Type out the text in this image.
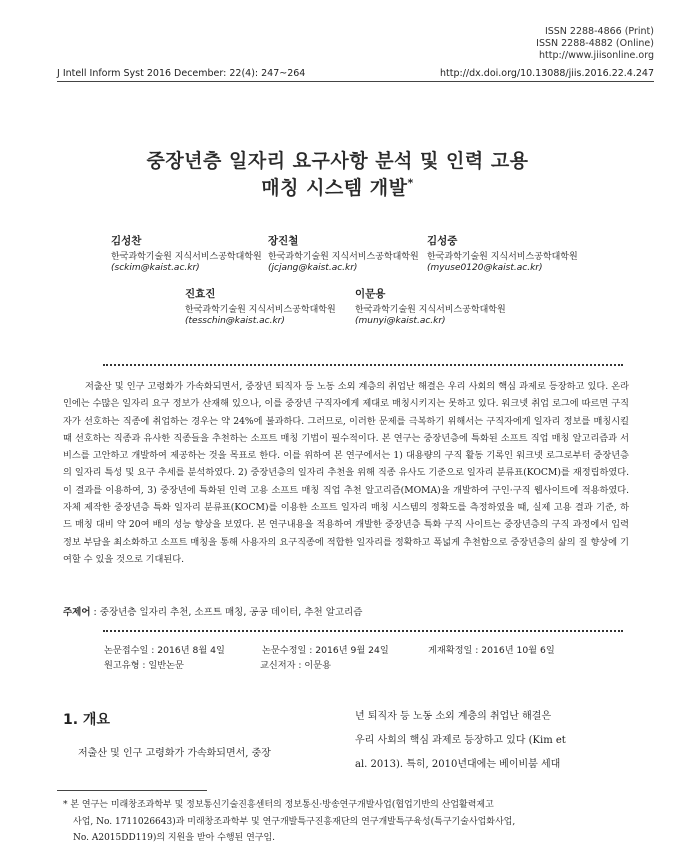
ISSN 2288-4866 (Print)
ISSN 2288-4882 (Online)
http://www.jiisonline.org
J Intell Inform Syst 2016 December: 22(4): 247~264	http://dx.doi.org/10.13088/jiis.2016.22.4.247
중장년층 일자리 요구사항 분석 및 인력 고용
매칭 시스템 개발*
김성찬
한국과학기술원 지식서비스공학대학원
(sckim@kaist.ac.kr)
장진철
한국과학기술원 지식서비스공학대학원
(jcjang@kaist.ac.kr)
김성중
한국과학기술원 지식서비스공학대학원
(myuse0120@kaist.ac.kr)
진효진
한국과학기술원 지식서비스공학대학원
(tesschin@kaist.ac.kr)
이문용
한국과학기술원 지식서비스공학대학원
(munyi@kaist.ac.kr)
저출산 및 인구 고령화가 가속화되면서, 중장년 퇴직자 등 노동 소외 계층의 취업난 해결은 우리 사회의 핵심 과제로 등장하고 있다. 온라인에는 수많은 일자리 요구 정보가 산재해 있으나, 이를 중장년 구직자에게 제대로 매칭시키지는 못하고 있다. 워크넷 취업 로그에 따르면 구직자가 선호하는 직종에 취업하는 경우는 약 24%에 불과하다. 그러므로, 이러한 문제를 극복하기 위해서는 구직자에게 일자리 정보를 매칭시킬 때 선호하는 직종과 유사한 직종들을 추천하는 소프트 매칭 기법이 필수적이다. 본 연구는 중장년층에 특화된 소프트 직업 매칭 알고리즘과 서비스를 고안하고 개발하여 제공하는 것을 목표로 한다. 이를 위하여 본 연구에서는 1) 대용량의 구직 활동 기록인 워크넷 로그로부터 중장년층의 일자리 특성 및 요구 추세를 분석하였다. 2) 중장년층의 일자리 추천을 위해 직종 유사도 기준으로 일자리 분류표(KOCM)를 재정립하였다. 이 결과를 이용하여, 3) 중장년에 특화된 인력 고용 소프트 매칭 직업 추천 알고리즘(MOMA)을 개발하여 구인·구직 웹사이트에 적용하였다. 자체 제작한 중장년층 특화 일자리 분류표(KOCM)를 이용한 소프트 일자리 매칭 시스템의 정확도를 측정하였을 때, 실제 고용 결과 기준, 하드 매칭 대비 약 20여 배의 성능 향상을 보였다. 본 연구내용을 적용하여 개발한 중장년층 특화 구직 사이트는 중장년층의 구직 과정에서 입력 정보 부담을 최소화하고 소프트 매칭을 통해 사용자의 요구직종에 적합한 일자리를 정확하고 폭넓게 추천함으로 중장년층의 삶의 질 향상에 기여할 수 있을 것으로 기대된다.
주제어 : 중장년층 일자리 추천, 소프트 매칭, 공공 데이터, 추천 알고리즘
논문접수일 : 2016년 8월 4일	논문수정일 : 2016년 9월 24일	게재확정일 : 2016년 10월 6일
원고유형 : 일반논문	교신저자 : 이문용
1. 개요
저출산 및 인구 고령화가 가속화되면서, 중장
년 퇴직자 등 노동 소외 계층의 취업난 해결은
우리 사회의 핵심 과제로 등장하고 있다 (Kim et
al. 2013). 특히, 2010년대에는 베이비붐 세대
* 본 연구는 미래창조과학부 및 정보통신기술진흥센터의 정보통신·방송연구개발사업(협업기반의 산업활력제고
사업, No. 1711026643)과 미래창조과학부 및 연구개발특구진흥재단의 연구개발특구육성(특구기술사업화사업,
No. A2015DD119)의 지원을 받아 수행된 연구임.
